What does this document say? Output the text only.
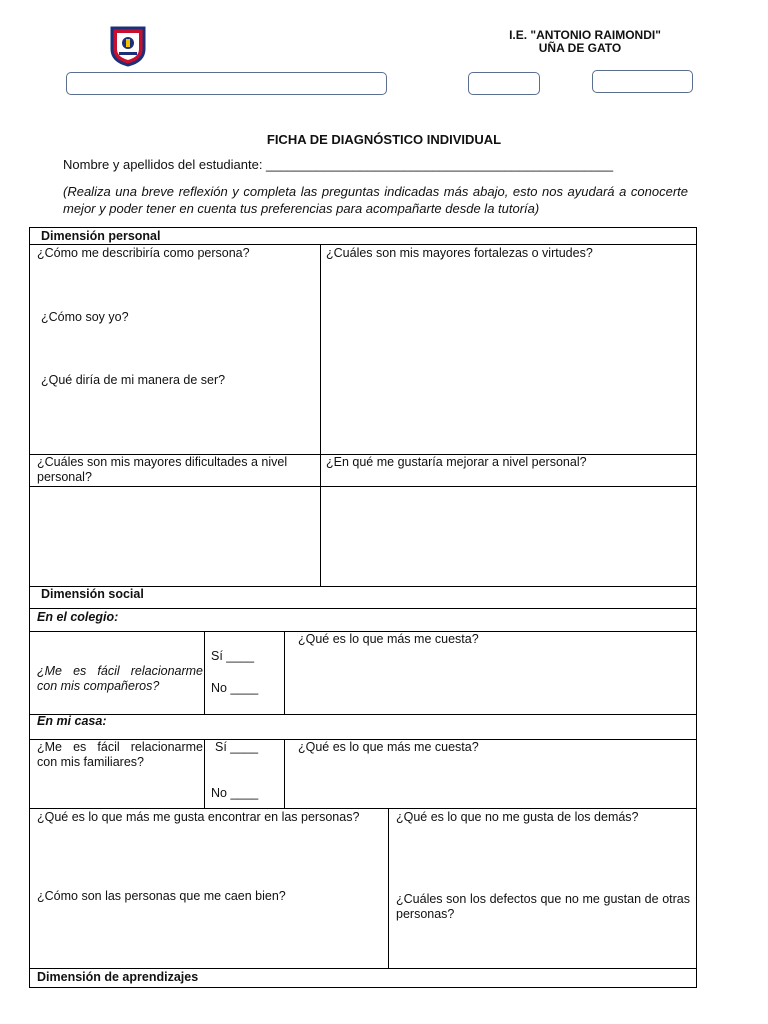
I.E. "ANTONIO RAIMONDI"
UÑA DE GATO
FICHA DE DIAGNÓSTICO INDIVIDUAL
Nombre y apellidos del estudiante: ________________________________________________
(Realiza una breve reflexión y completa las preguntas indicadas más abajo, esto nos ayudará a conocerte mejor y poder tener en cuenta tus preferencias para acompañarte desde la tutoría)
Dimensión personal
¿Cómo me describiría como persona?
¿Cómo soy yo?
¿Qué diría de mi manera de ser?
¿Cuáles son mis mayores fortalezas o virtudes?
¿Cuáles son mis mayores dificultades a nivel personal?
¿En qué me gustaría mejorar a nivel personal?
Dimensión social
En el colegio:
¿Me es fácil relacionarme con mis compañeros?
Sí ____
No ____
¿Qué es lo que más me cuesta?
En mi casa:
¿Me es fácil relacionarme con mis familiares?
Sí ____
No ____
¿Qué es lo que más me cuesta?
¿Qué es lo que más me gusta encontrar en las personas?
¿Cómo son las personas que me caen bien?
¿Qué es lo que no me gusta de los demás?
¿Cuáles son los defectos que no me gustan de otras personas?
Dimensión de aprendizajes
